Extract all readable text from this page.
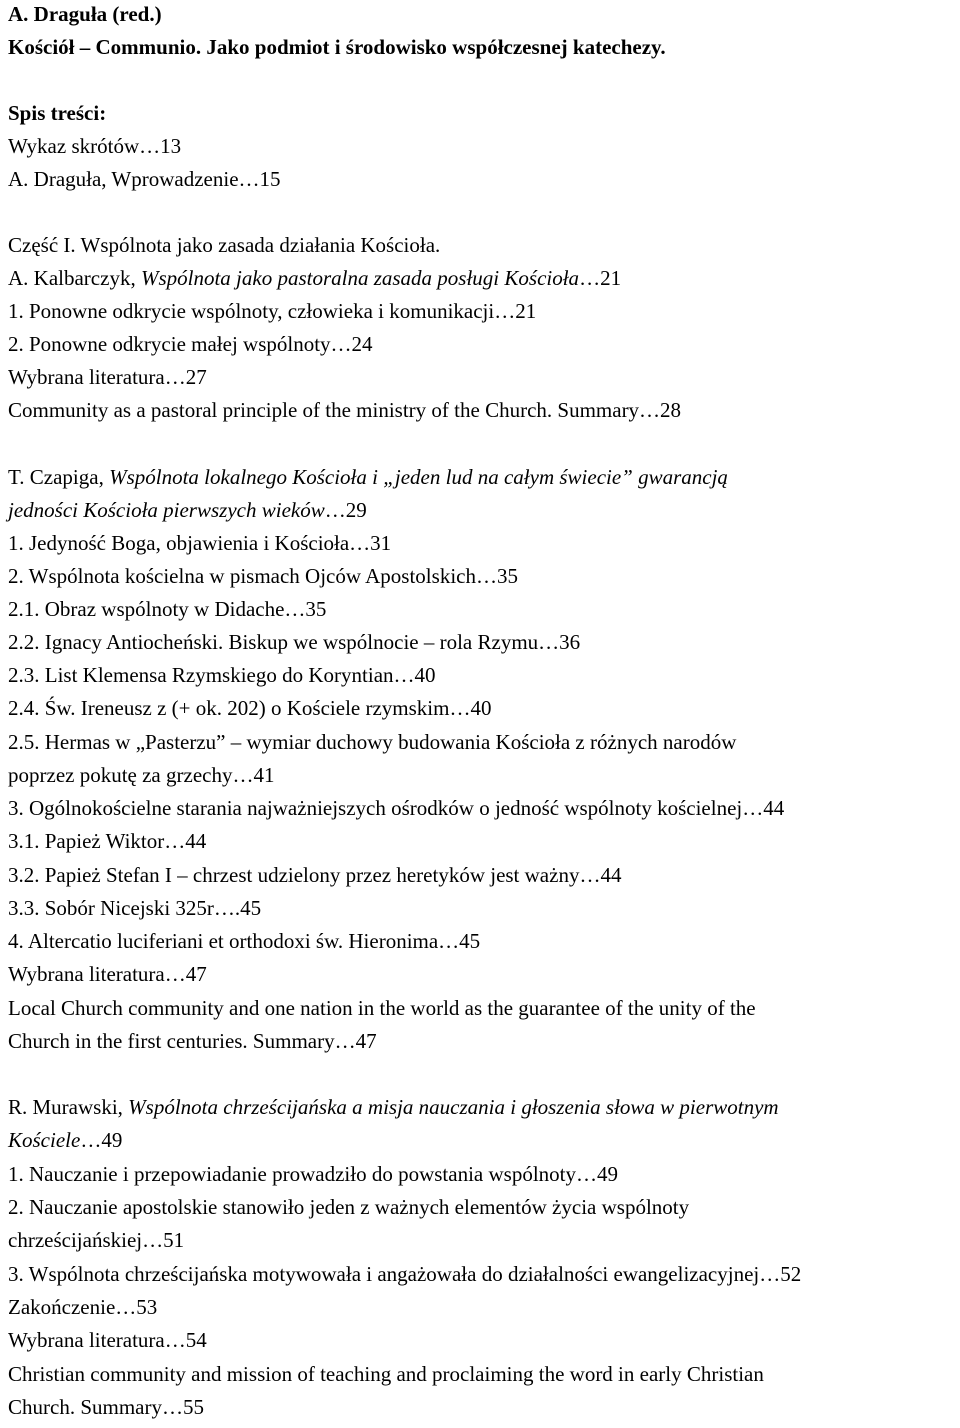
A. Draguła (red.)
Kościół – Communio. Jako podmiot i środowisko współczesnej katechezy.
Spis treści:
Wykaz skrótów…13
A. Draguła, Wprowadzenie…15
Część I. Wspólnota jako zasada działania Kościoła.
A. Kalbarczyk, Wspólnota jako pastoralna zasada posługi Kościoła…21
1. Ponowne odkrycie wspólnoty, człowieka i komunikacji…21
2. Ponowne odkrycie małej wspólnoty…24
Wybrana literatura…27
Community as a pastoral principle of the ministry of the Church. Summary…28
T. Czapiga, Wspólnota lokalnego Kościoła i „jeden lud na całym świecie” gwarancją
jedności Kościoła pierwszych wieków…29
1. Jedyność Boga, objawienia i Kościoła…31
2. Wspólnota kościelna w pismach Ojców Apostolskich…35
2.1. Obraz wspólnoty w Didache…35
2.2. Ignacy Antiocheński. Biskup we wspólnocie – rola Rzymu…36
2.3. List Klemensa Rzymskiego do Koryntian…40
2.4. Św. Ireneusz z (+ ok. 202) o Kościele rzymskim…40
2.5. Hermas w „Pasterzu” – wymiar duchowy budowania Kościoła z różnych narodów
poprzez pokutę za grzechy…41
3. Ogólnokościelne starania najważniejszych ośrodków o jedność wspólnoty kościelnej…44
3.1. Papież Wiktor…44
3.2. Papież Stefan I – chrzest udzielony przez heretyków jest ważny…44
3.3. Sobór Nicejski 325r….45
4. Altercatio luciferiani et orthodoxi św. Hieronima…45
Wybrana literatura…47
Local Church community and one nation in the world as the guarantee of the unity of the
Church in the first centuries. Summary…47
R. Murawski, Wspólnota chrześcijańska a misja nauczania i głoszenia słowa w pierwotnym
Kościele…49
1. Nauczanie i przepowiadanie prowadziło do powstania wspólnoty…49
2. Nauczanie apostolskie stanowiło jeden z ważnych elementów życia wspólnoty
chrześcijańskiej…51
3. Wspólnota chrześcijańska motywowała i angażowała do działalności ewangelizacyjnej…52
Zakończenie…53
Wybrana literatura…54
Christian community and mission of teaching and proclaiming the word in early Christian
Church. Summary…55
